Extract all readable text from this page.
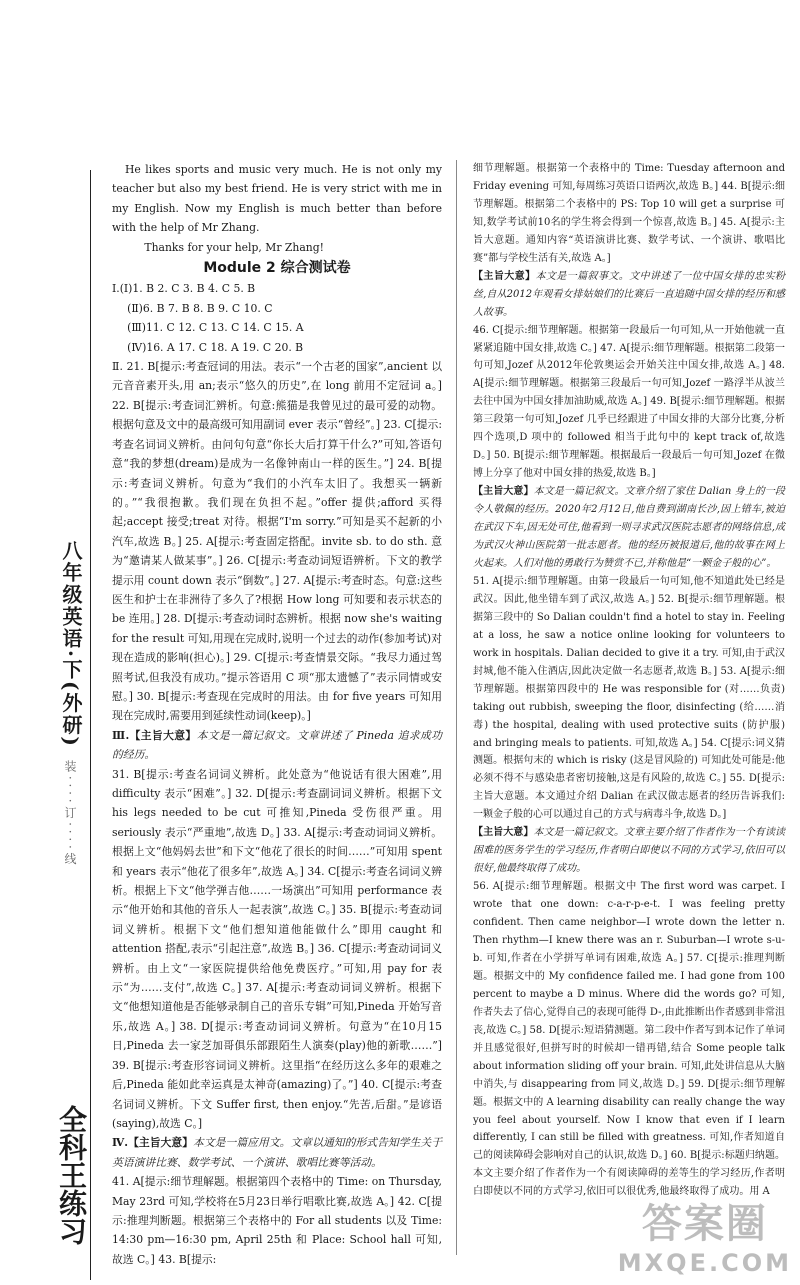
八年级英语·下(外研)
装 · · · · 订 · · · · 线
全科王练习

He likes sports and music very much. He is not only my teacher but also my best friend. He is very strict with me in my English. Now my English is much better than before with the help of Mr Zhang.

Thanks for your help, Mr Zhang!

Module 2 综合测试卷

Ⅰ.(Ⅰ)1. B 2. C 3. B 4. C 5. B

(Ⅱ)6. B 7. B 8. B 9. C 10. C

(Ⅲ)11. C 12. C 13. C 14. C 15. A

(Ⅳ)16. A 17. C 18. A 19. C 20. B

Ⅱ. 21. B[提示:考查冠词的用法。表示“一个古老的国家”,ancient 以元音音素开头,用 an;表示“悠久的历史”,在 long 前用不定冠词 a。] 22. B[提示:考查词汇辨析。句意:熊猫是我曾见过的最可爱的动物。根据句意及文中的最高级可知用副词 ever 表示“曾经”。] 23. C[提示:考查名词词义辨析。由问句句意“你长大后打算干什么?”可知,答语句意“我的梦想(dream)是成为一名像钟南山一样的医生。”] 24. B[提示:考查词义辨析。句意为“我们的小汽车太旧了。我想买一辆新的。”“我很抱歉。我们现在负担不起。”offer 提供;afford 买得起;accept 接受;treat 对待。根据“I'm sorry.”可知是买不起新的小汽车,故选 B。] 25. A[提示:考查固定搭配。invite sb. to do sth. 意为“邀请某人做某事”。] 26. C[提示:考查动词短语辨析。下文的教学提示用 count down 表示“倒数”。] 27. A[提示:考查时态。句意:这些医生和护士在非洲待了多久了?根据 How long 可知要和表示状态的 be 连用。] 28. D[提示:考查动词时态辨析。根据 now she's waiting for the result 可知,用现在完成时,说明一个过去的动作(参加考试)对现在造成的影响(担心)。] 29. C[提示:考查情景交际。“我尽力通过驾照考试,但我没有成功。”提示答语用 C 项“那太遗憾了”表示同情或安慰。] 30. B[提示:考查现在完成时的用法。由 for five years 可知用现在完成时,需要用到延续性动词(keep)。]

Ⅲ.【主旨大意】本文是一篇记叙文。文章讲述了 Pineda 追求成功的经历。

31. B[提示:考查名词词义辨析。此处意为“他说话有很大困难”,用 difficulty 表示“困难”。] 32. D[提示:考查副词词义辨析。根据下文 his legs needed to be cut 可推知,Pineda 受伤很严重。用 seriously 表示“严重地”,故选 D。] 33. A[提示:考查动词词义辨析。根据上文“他妈妈去世”和下文“他花了很长的时间……”可知用 spent 和 years 表示“他花了很多年”,故选 A。] 34. C[提示:考查名词词义辨析。根据上下文“他学弹吉他……一场演出”可知用 performance 表示“他开始和其他的音乐人一起表演”,故选 C。] 35. B[提示:考查动词词义辨析。根据下文“他们想知道他能做什么”即用 caught 和 attention 搭配,表示“引起注意”,故选 B。] 36. C[提示:考查动词词义辨析。由上文“一家医院提供给他免费医疗。”可知,用 pay for 表示“为……支付”,故选 C。] 37. A[提示:考查动词词义辨析。根据下文“他想知道他是否能够录制自己的音乐专辑”可知,Pineda 开始写音乐,故选 A。] 38. D[提示:考查动词词义辨析。句意为“在10月15日,Pineda 去一家芝加哥俱乐部跟陌生人演奏(play)他的新歌……”] 39. B[提示:考查形容词词义辨析。这里指“在经历这么多年的艰难之后,Pineda 能如此幸运真是太神奇(amazing)了。”] 40. C[提示:考查名词词义辨析。下文 Suffer first, then enjoy.“先苦,后甜。”是谚语(saying),故选 C。]

Ⅳ.【主旨大意】本文是一篇应用文。文章以通知的形式告知学生关于英语演讲比赛、数学考试、一个演讲、歌唱比赛等活动。

41. A[提示:细节理解题。根据第四个表格中的 Time: on Thursday, May 23rd 可知,学校将在5月23日举行唱歌比赛,故选 A。] 42. C[提示:推理判断题。根据第三个表格中的 For all students 以及 Time: 14:30 pm—16:30 pm, April 25th 和 Place: School hall 可知,故选 C。] 43. B[提示:

细节理解题。根据第一个表格中的 Time: Tuesday afternoon and Friday evening 可知,每周练习英语口语两次,故选 B。] 44. B[提示:细节理解题。根据第二个表格中的 PS: Top 10 will get a surprise 可知,数学考试前10名的学生将会得到一个惊喜,故选 B。] 45. A[提示:主旨大意题。通知内容“英语演讲比赛、数学考试、一个演讲、歌唱比赛”都与学校生活有关,故选 A。]

【主旨大意】本文是一篇叙事文。文中讲述了一位中国女排的忠实粉丝,自从2012年观看女排姑娘们的比赛后一直追随中国女排的经历和感人故事。

46. C[提示:细节理解题。根据第一段最后一句可知,从一开始他就一直紧紧追随中国女排,故选 C。] 47. A[提示:细节理解题。根据第二段第一句可知,Jozef 从2012年伦敦奥运会开始关注中国女排,故选 A。] 48. A[提示:细节理解题。根据第三段最后一句可知,Jozef 一路浮半从波兰去往中国为中国女排加油助威,故选 A。] 49. B[提示:细节理解题。根据第三段第一句可知,Jozef 几乎已经跟进了中国女排的大部分比赛,分析四个选项,D 项中的 followed 相当于此句中的 kept track of,故选 D。] 50. B[提示:细节理解题。根据最后一段最后一句可知,Jozef 在微博上分享了他对中国女排的热爱,故选 B。]

【主旨大意】本文是一篇记叙文。文章介绍了家住 Dalian 身上的一段令人敬佩的经历。2020年2月12日,他自费到湖南长沙,因上错车,被迫在武汉下车,因无处可住,他看到一则寻求武汉医院志愿者的网络信息,成为武汉火神山医院第一批志愿者。他的经历被报道后,他的故事在网上火起来。人们对他的勇敢行为赞赏不已,并称他是“一颗金子般的心”。

51. A[提示:细节理解题。由第一段最后一句可知,他不知道此处已经是武汉。因此,他坐错车到了武汉,故选 A。] 52. B[提示:细节理解题。根据第三段中的 So Dalian couldn't find a hotel to stay in. Feeling at a loss, he saw a notice online looking for volunteers to work in hospitals. Dalian decided to give it a try. 可知,由于武汉封城,他不能入住酒店,因此决定做一名志愿者,故选 B。] 53. A[提示:细节理解题。根据第四段中的 He was responsible for (对……负责) taking out rubbish, sweeping the floor, disinfecting (给……消毒) the hospital, dealing with used protective suits (防护服) and bringing meals to patients. 可知,故选 A。] 54. C[提示:词义猜测题。根据句末的 which is risky (这是冒风险的) 可知此处可能是:他必须不得不与感染患者密切接触,这是有风险的,故选 C。] 55. D[提示:主旨大意题。本文通过介绍 Dalian 在武汉做志愿者的经历告诉我们:一颗金子般的心可以通过自己的方式与病毒斗争,故选 D。]

【主旨大意】本文是一篇记叙文。文章主要介绍了作者作为一个有读读困难的医务学生的学习经历,作者明白即使以不同的方式学习,依旧可以很好,他最终取得了成功。

56. A[提示:细节理解题。根据文中 The first word was carpet. I wrote that one down: c-a-r-p-e-t. I was feeling pretty confident. Then came neighbor—I wrote down the letter n. Then rhythm—I knew there was an r. Suburban—I wrote s-u-b. 可知,作者在小学拼写单词有困难,故选 A。] 57. C[提示:推理判断题。根据文中的 My confidence failed me. I had gone from 100 percent to maybe a D minus. Where did the words go? 可知,作者失去了信心,觉得自己的表现可能得 D-,由此推断出作者感到非常沮丧,故选 C。] 58. D[提示:短语猜测题。第二段中作者写到本记作了单词并且感觉很好,但拼写时的时候却一错再错,结合 Some people talk about information sliding off your brain. 可知,此处讲信息从大脑中消失,与 disappearing from 同义,故选 D。] 59. D[提示:细节理解题。根据文中的 A learning disability can really change the way you feel about yourself. Now I know that even if I learn differently, I can still be filled with greatness. 可知,作者知道自己的阅读障碍会影响对自己的认识,故选 D。] 60. B[提示:标题归纳题。本文主要介绍了作者作为一个有阅读障碍的差等生的学习经历,作者明白即使以不同的方式学习,依旧可以很优秀,他最终取得了成功。用 A

答案圈
MXQE.COM
